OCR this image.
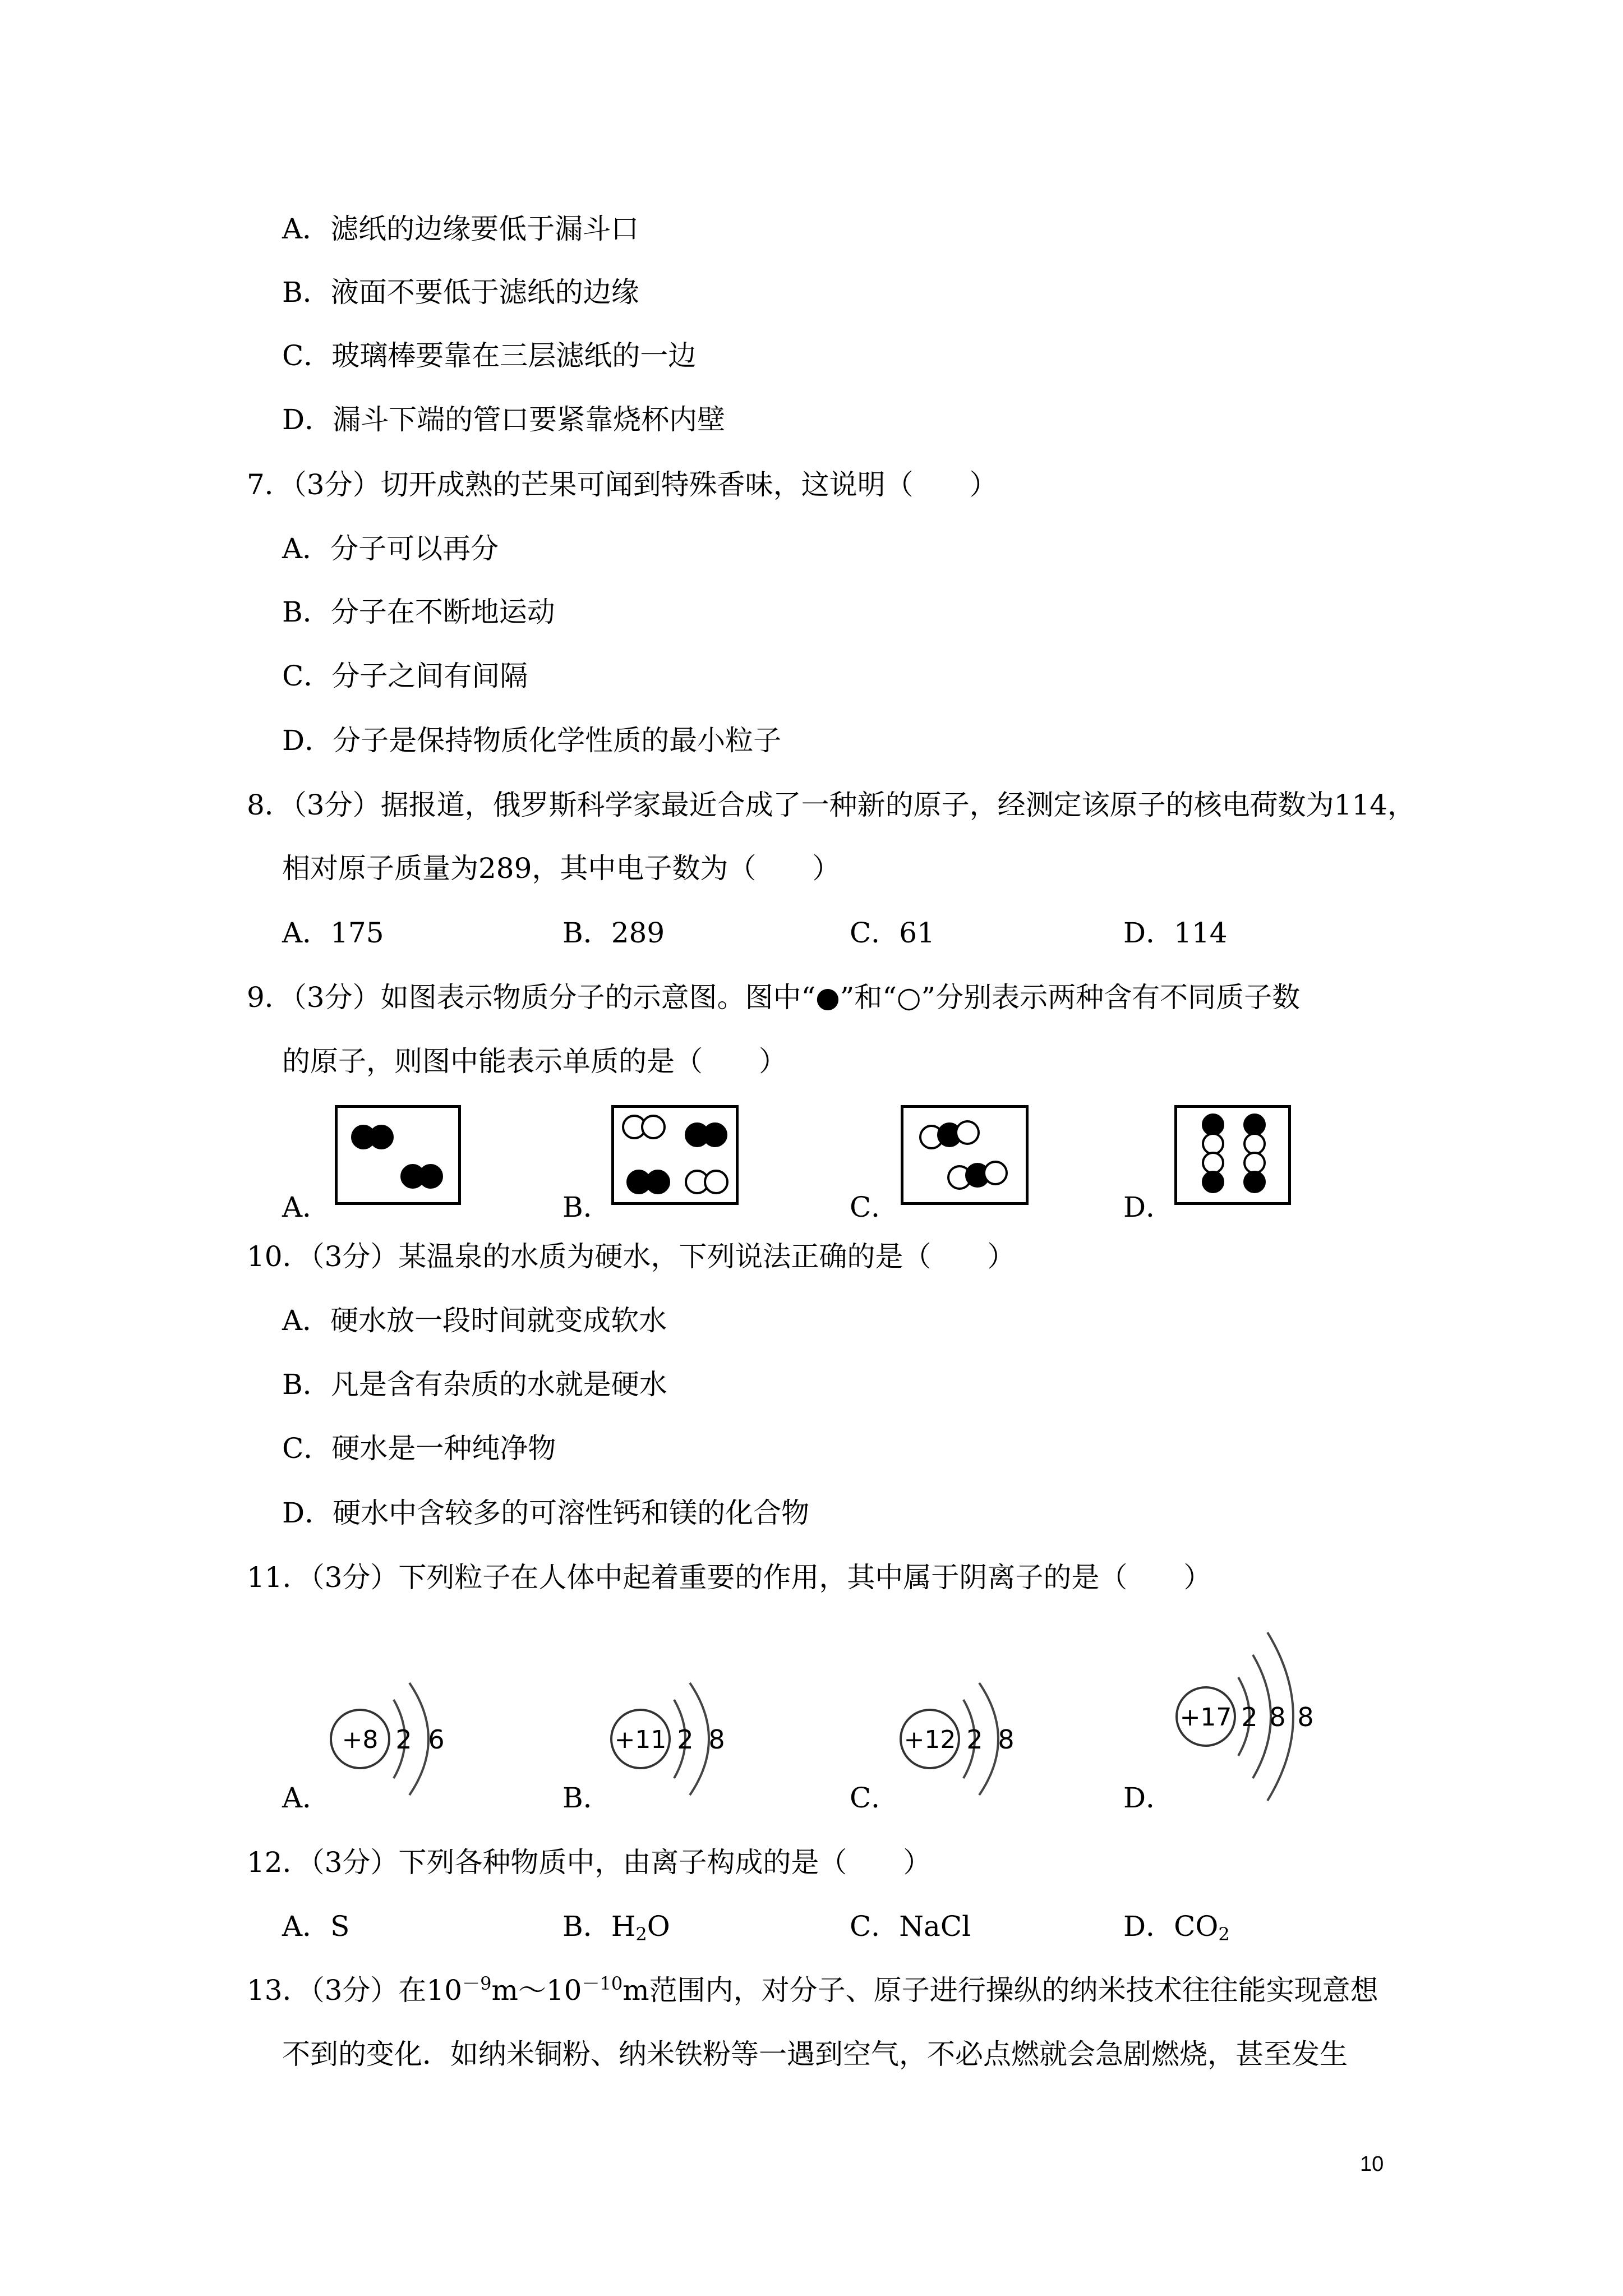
A．滤纸的边缘要低于漏斗口
B．液面不要低于滤纸的边缘
C．玻璃棒要靠在三层滤纸的一边
D．漏斗下端的管口要紧靠烧杯内壁
7．（3分）切开成熟的芒果可闻到特殊香味，这说明（　　）
A．分子可以再分
B．分子在不断地运动
C．分子之间有间隔
D．分子是保持物质化学性质的最小粒子
8．（3分）据报道，俄罗斯科学家最近合成了一种新的原子，经测定该原子的核电荷数为114，
相对原子质量为289，其中电子数为（　　）
A．175	B．289	C．61	D．114
9．（3分）如图表示物质分子的示意图。图中“●”和“○”分别表示两种含有不同质子数
的原子，则图中能表示单质的是（　　）
A．	B．	C．	D．
10．（3分）某温泉的水质为硬水，下列说法正确的是（　　）
A．硬水放一段时间就变成软水
B．凡是含有杂质的水就是硬水
C．硬水是一种纯净物
D．硬水中含较多的可溶性钙和镁的化合物
11．（3分）下列粒子在人体中起着重要的作用，其中属于阴离子的是（　　）
A．	B．	C．	D．
+8 2 6	+11 2 8	+12 2 8
+17 2 8 8
12．（3分）下列各种物质中，由离子构成的是（　　）
A．S	B．$H_2O$	C．NaCl	D．$CO_2$
13．（3分）在$10^{-9}m\sim 10^{-10}m$范围内，对分子、原子进行操纵的纳米技术往往能实现意想
不到的变化．如纳米铜粉、纳米铁粉等一遇到空气，不必点燃就会急剧燃烧，甚至发生
10
